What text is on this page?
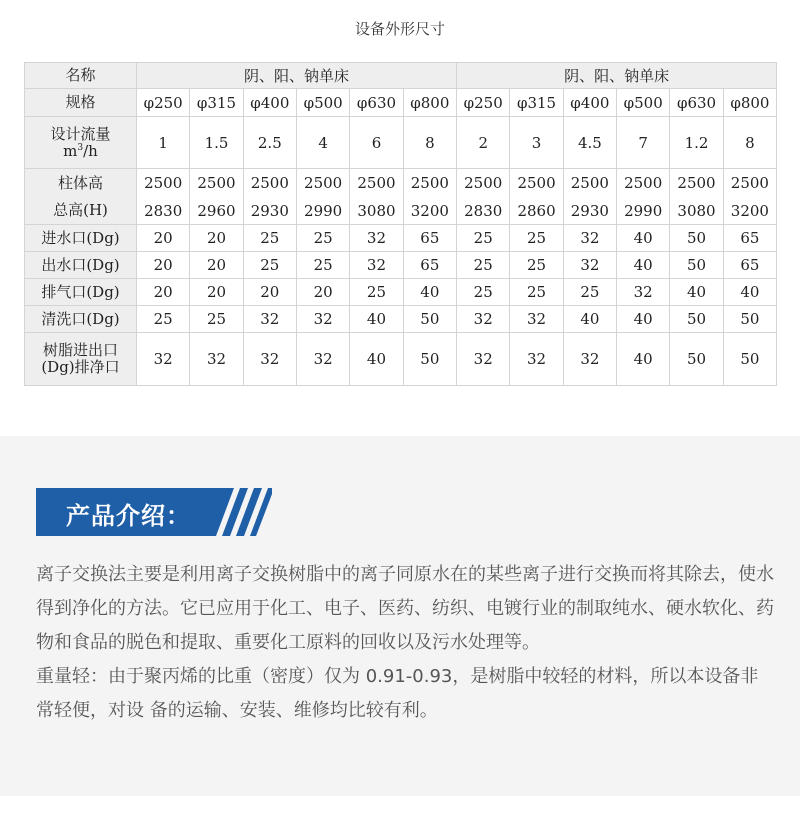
设备外形尺寸
名称	阴、阳、钠单床						阴、阳、钠单床					
规格	φ250	φ315	φ400	φ500	φ630	φ800	φ250	φ315	φ400	φ500	φ630	φ800
设计流量
$m^3/h$	1	1.5	2.5	4	6	8	2	3	4.5	7	1.2	8
柱体高	2500	2500	2500	2500	2500	2500	2500	2500	2500	2500	2500	2500
总高(H)	2830	2960	2930	2990	3080	3200	2830	2860	2930	2990	3080	3200
进水口(Dg)	20	20	25	25	32	65	25	25	32	40	50	65
出水口(Dg)	20	20	25	25	32	65	25	25	32	40	50	65
排气口(Dg)	20	20	20	20	25	40	25	25	25	32	40	40
清洗口(Dg)	25	25	32	32	40	50	32	32	40	40	50	50
树脂进出口
(Dg)排净口	32	32	32	32	40	50	32	32	32	40	50	50
产品介绍：

离子交换法主要是利用离子交换树脂中的离子同原水在的某些离子进行交换而将其除去，使水得到净化的方法。它已应用于化工、电子、医药、纺织、电镀行业的制取纯水、硬水软化、药物和食品的脱色和提取、重要化工原料的回收以及污水处理等。

重量轻：由于聚丙烯的比重（密度）仅为 0.91-0.93，是树脂中较轻的材料，所以本设备非常轻便，对设 备的运输、安装、维修均比较有利。
